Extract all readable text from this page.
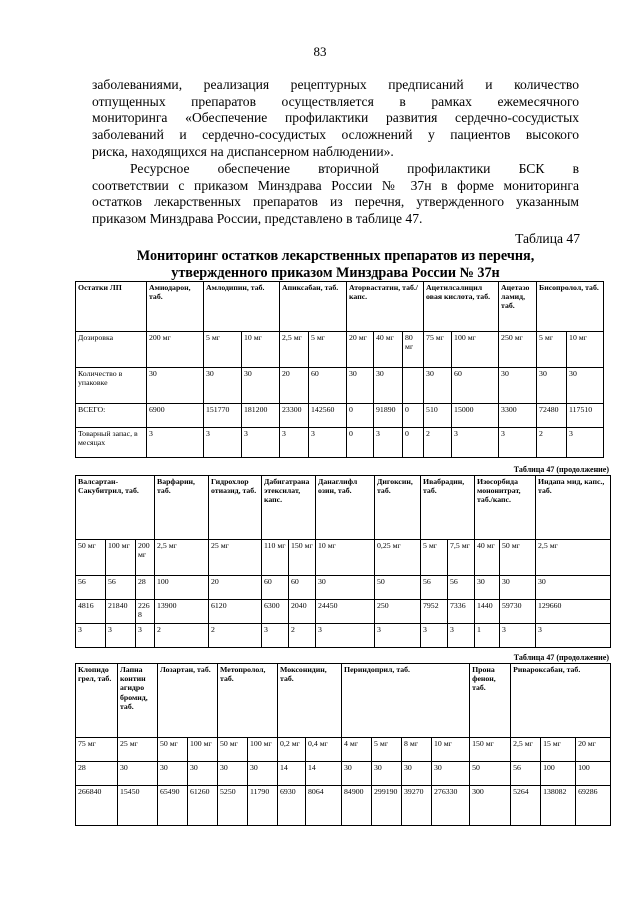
83
заболеваниями, реализация рецептурных предписаний и количество
отпущенных препаратов осуществляется в рамках ежемесячного
мониторинга «Обеспечение профилактики развития сердечно-сосудистых
заболеваний и сердечно-сосудистых осложнений у пациентов высокого
риска, находящихся на диспансерном наблюдении».
Ресурсное обеспечение вторичной профилактики БСК в
соответствии с приказом Минздрава России № 37н в форме мониторинга
остатков лекарственных препаратов из перечня, утвержденного указанным
приказом Минздрава России, представлено в таблице 47.
Таблица 47
Мониторинг остатков лекарственных препаратов из перечня,
утвержденного приказом Минздрава России № 37н
Остатки ЛП	Амиодарон, таб.	Амлодипин, таб.		Апиксабан, таб.		Аторвастатин, таб./капс.			Ацетилсалицил овая кислота, таб.		Ацетазо ламид, таб.	Бисопролол, таб.	
Дозировка	200 мг	5 мг	10 мг	2,5 мг	5 мг	20 мг	40 мг	80 мг	75 мг	100 мг	250 мг	5 мг	10 мг
Количество в упаковке	30	30	30	20	60	30	30		30	60	30	30	30
ВСЕГО:	6900	151770	181200	23300	142560	0	91890	0	510	15000	3300	72480	117510
Товарный запас, в месяцах	3	3	3	3	3	0	3	0	2	3	3	2	3
Таблица 47 (продолжение)
Валсартан-Сакубитрил, таб.			Варфарин, таб.	Гидрохлор отиазид, таб.	Дабигатрана этексилат, капс.		Данаглифл озин, таб.	Дигоксин, таб.	Ивабрадин, таб.		Изосорбида мононитрат, таб./капс.		Индапа мид, капс., таб.
50 мг	100 мг	200 мг	2,5 мг	25 мг	110 мг	150 мг	10 мг	0,25 мг	5 мг	7,5 мг	40 мг	50 мг	2,5 мг
56	56	28	100	20	60	60	30	50	56	56	30	30	30
4816	21840	2268	13900	6120	6300	2040	24450	250	7952	7336	1440	59730	129660
3	3	3	2	2	3	2	3	3	3	3	1	3	3
Таблица 47 (продолжение)
Клопидо грел, таб.	Лапна контин агидро бромид, таб.	Лозартан, таб.		Метопролол, таб.		Моксонидин, таб.		Периндоприл, таб.				Прона фенон, таб.	Ривароксабан, таб.		
75 мг	25 мг	50 мг	100 мг	50 мг	100 мг	0,2 мг	0,4 мг	4 мг	5 мг	8 мг	10 мг	150 мг	2,5 мг	15 мг	20 мг
28	30	30	30	30	30	14	14	30	30	30	30	50	56	100	100
266840	15450	65490	61260	5250	11790	6930	8064	84900	299190	39270	276330	300	5264	138082	69286
